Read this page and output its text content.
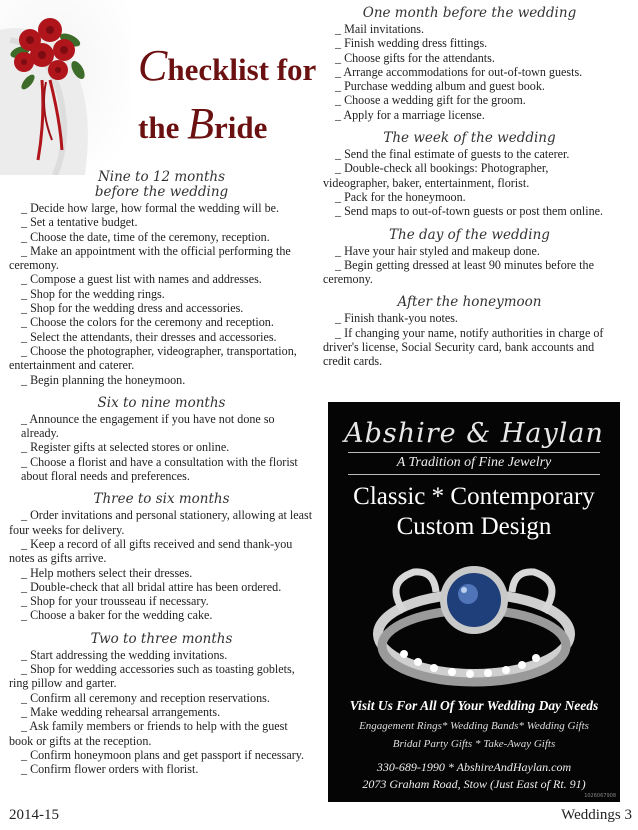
Checklist for
the Bride
Nine to 12 months
before the wedding

_ Decide how large, how formal the wedding will be.

_ Set a tentative budget.

_ Choose the date, time of the ceremony, reception.

_ Make an appointment with the official performing the ceremony.

_ Compose a guest list with names and addresses.

_ Shop for the wedding rings.

_ Shop for the wedding dress and accessories.

_ Choose the colors for the ceremony and reception.

_ Select the attendants, their dresses and accessories.

_ Choose the photographer, videographer, transportation, entertainment and caterer.

_ Begin planning the honeymoon.

Six to nine months

_ Announce the engagement if you have not done so already.

_ Register gifts at selected stores or online.

_ Choose a florist and have a consultation with the florist about floral needs and preferences.

Three to six months

_ Order invitations and personal stationery, allowing at least four weeks for delivery.

_ Keep a record of all gifts received and send thank-you notes as gifts arrive.

_ Help mothers select their dresses.

_ Double-check that all bridal attire has been ordered.

_ Shop for your trousseau if necessary.

_ Choose a baker for the wedding cake.

Two to three months

_ Start addressing the wedding invitations.

_ Shop for wedding accessories such as toasting goblets, ring pillow and garter.

_ Confirm all ceremony and reception reservations.

_ Make wedding rehearsal arrangements.

_ Ask family members or friends to help with the guest book or gifts at the reception.

_ Confirm honeymoon plans and get passport if necessary.

_ Confirm flower orders with florist.

One month before the wedding

_ Mail invitations.

_ Finish wedding dress fittings.

_ Choose gifts for the attendants.

_ Arrange accommodations for out-of-town guests.

_ Purchase wedding album and guest book.

_ Choose a wedding gift for the groom.

_ Apply for a marriage license.

The week of the wedding

_ Send the final estimate of guests to the caterer.

_ Double-check all bookings: Photographer, videographer, baker, entertainment, florist.

_ Pack for the honeymoon.

_ Send maps to out-of-town guests or post them online.

The day of the wedding

_ Have your hair styled and makeup done.

_ Begin getting dressed at least 90 minutes before the ceremony.

After the honeymoon

_ Finish thank-you notes.

_ If changing your name, notify authorities in charge of driver's license, Social Security card, bank accounts and credit cards.

Abshire & Haylan
A Tradition of Fine Jewelry
Classic * Contemporary
Custom Design
Visit Us For All Of Your Wedding Day Needs
Engagement Rings* Wedding Bands* Wedding Gifts
Bridal Party Gifts * Take-Away Gifts
330-689-1990 * AbshireAndHaylan.com
2073 Graham Road, Stow (Just East of Rt. 91)
1026067908
2014-15	Weddings 3
